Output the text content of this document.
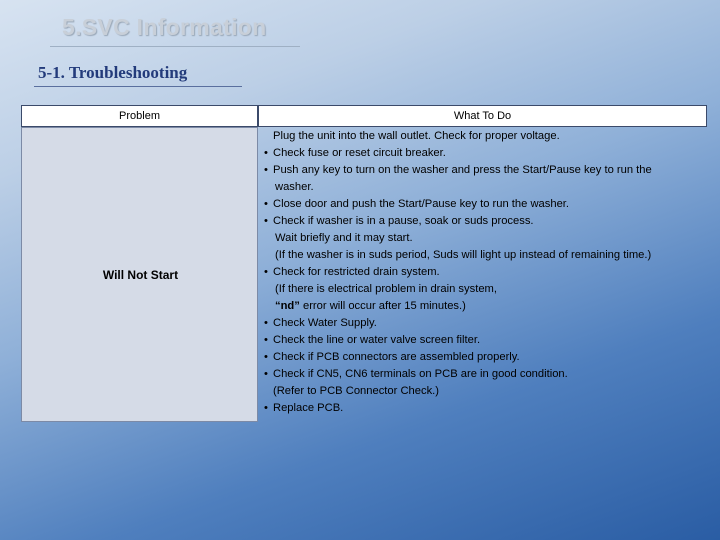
5.SVC Information
5-1. Troubleshooting
Problem	What To Do
Will Not Start
Plug the unit into the wall outlet. Check for proper voltage.
• Check fuse or reset circuit breaker.
• Push any key to turn on the washer and press the Start/Pause key to run the
washer.
• Close door and push the Start/Pause key to run the washer.
• Check if washer is in a pause, soak or suds process.
Wait briefly and it may start.
(If the washer is in suds period, Suds will light up instead of remaining time.)
• Check for restricted drain system.
(If there is electrical problem in drain system,
“nd” error will occur after 15 minutes.)
• Check Water Supply.
• Check the line or water valve screen filter.
• Check if PCB connectors are assembled properly.
• Check if CN5, CN6 terminals on PCB are in good condition.
(Refer to PCB Connector Check.)
• Replace PCB.
